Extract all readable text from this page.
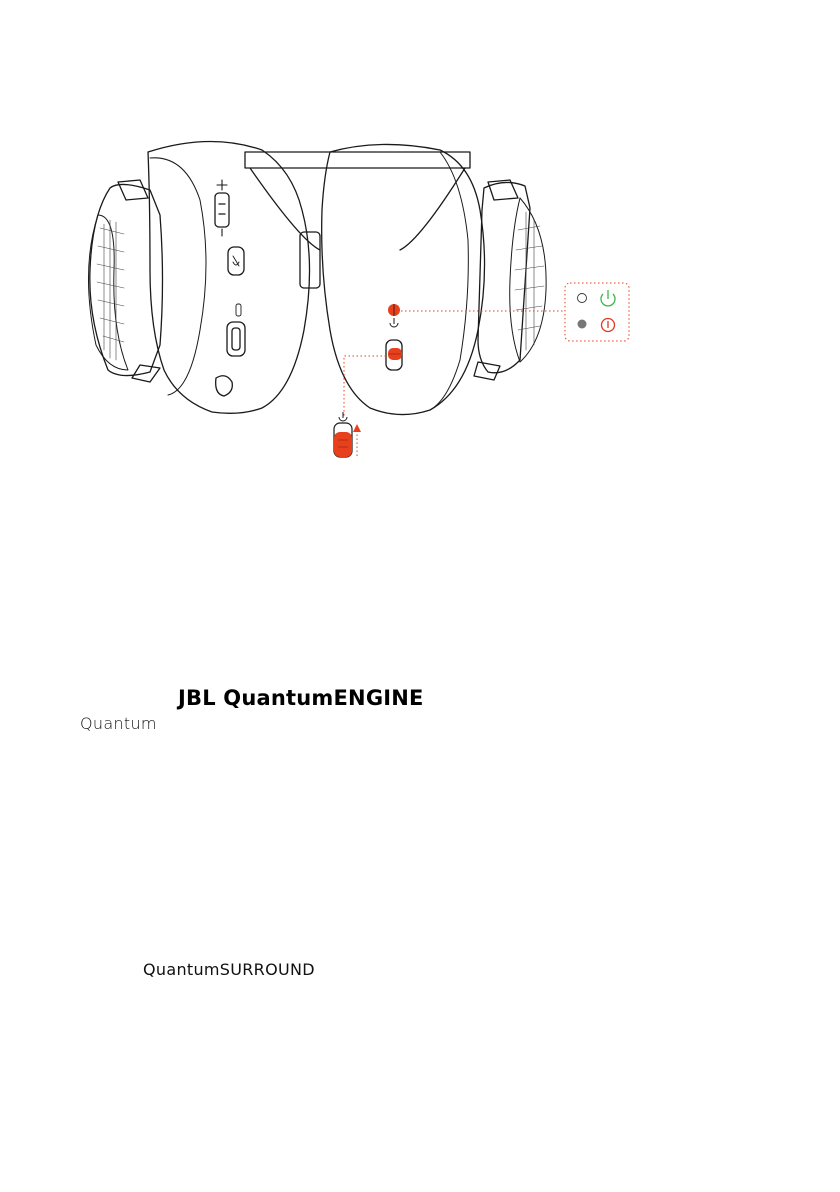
JBL QuantumENGINE
Quantum
QuantumSURROUND
